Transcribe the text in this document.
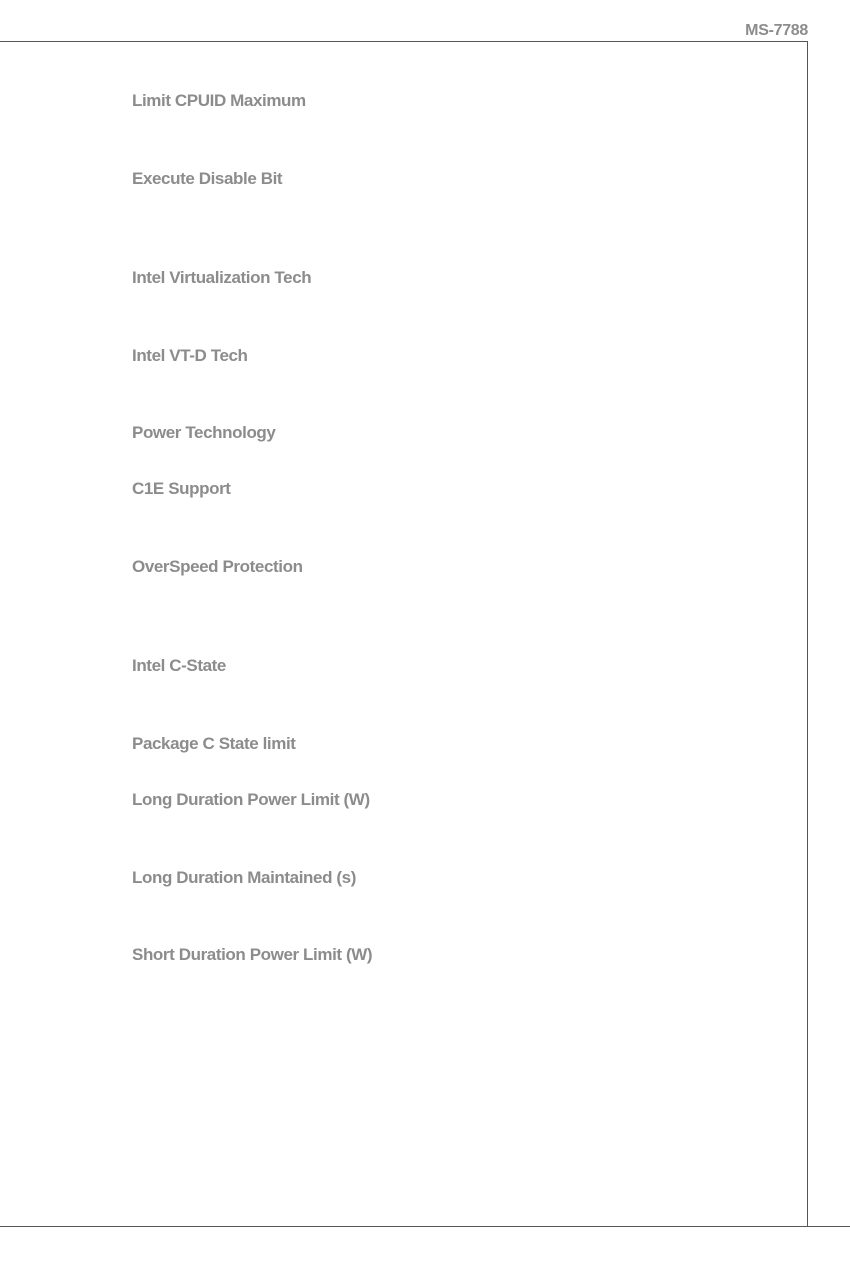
MS-7788
Limit CPUID Maximum
Execute Disable Bit
Intel Virtualization Tech
Intel VT-D Tech
Power Technology
C1E Support
OverSpeed Protection
Intel C-State
Package C State limit
Long Duration Power Limit (W)
Long Duration Maintained (s)
Short Duration Power Limit (W)
